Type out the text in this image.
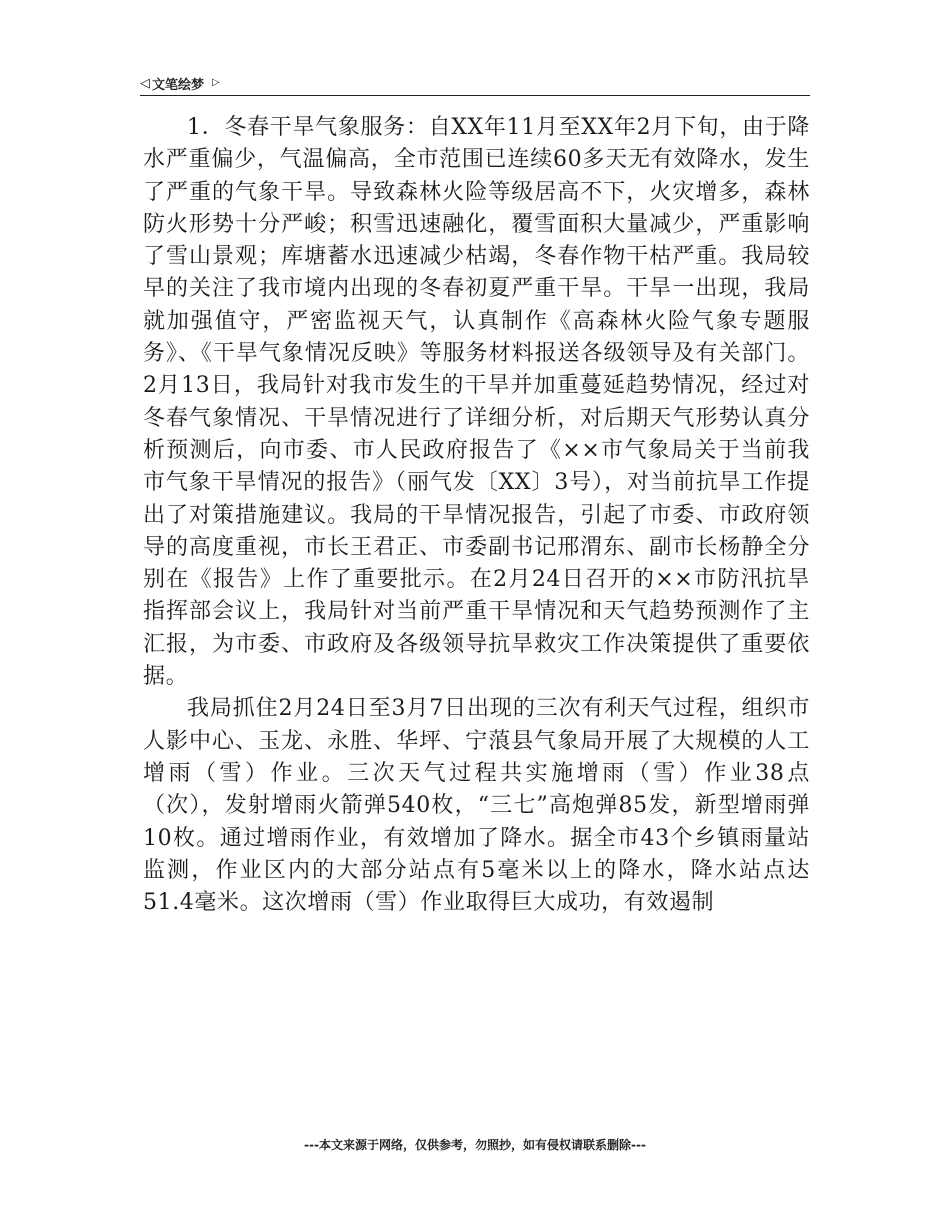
◁ 文笔绘梦 ▷

1．冬春干旱气象服务：自XX年11月至XX年2月下旬，由于降水严重偏少，气温偏高，全市范围已连续60多天无有效降水，发生了严重的气象干旱。导致森林火险等级居高不下，火灾增多，森林防火形势十分严峻；积雪迅速融化，覆雪面积大量减少，严重影响了雪山景观；库塘蓄水迅速减少枯竭，冬春作物干枯严重。我局较早的关注了我市境内出现的冬春初夏严重干旱。干旱一出现，我局就加强值守，严密监视天气，认真制作《高森林火险气象专题服务》、《干旱气象情况反映》等服务材料报送各级领导及有关部门。2月13日，我局针对我市发生的干旱并加重蔓延趋势情况，经过对冬春气象情况、干旱情况进行了详细分析，对后期天气形势认真分析预测后，向市委、市人民政府报告了《××市气象局关于当前我市气象干旱情况的报告》（丽气发〔XX〕3号），对当前抗旱工作提出了对策措施建议。我局的干旱情况报告，引起了市委、市政府领导的高度重视，市长王君正、市委副书记邢渭东、副市长杨静全分别在《报告》上作了重要批示。在2月24日召开的××市防汛抗旱指挥部会议上，我局针对当前严重干旱情况和天气趋势预测作了主汇报，为市委、市政府及各级领导抗旱救灾工作决策提供了重要依据。

我局抓住2月24日至3月7日出现的三次有利天气过程，组织市人影中心、玉龙、永胜、华坪、宁蒗县气象局开展了大规模的人工增雨（雪）作业。三次天气过程共实施增雨（雪）作业38点（次），发射增雨火箭弹540枚，“三七”高炮弹85发，新型增雨弹10枚。通过增雨作业，有效增加了降水。据全市43个乡镇雨量站监测，作业区内的大部分站点有5毫米以上的降水，降水站点达51.4毫米。这次增雨（雪）作业取得巨大成功，有效遏制

---本文来源于网络，仅供参考，勿照抄，如有侵权请联系删除---
